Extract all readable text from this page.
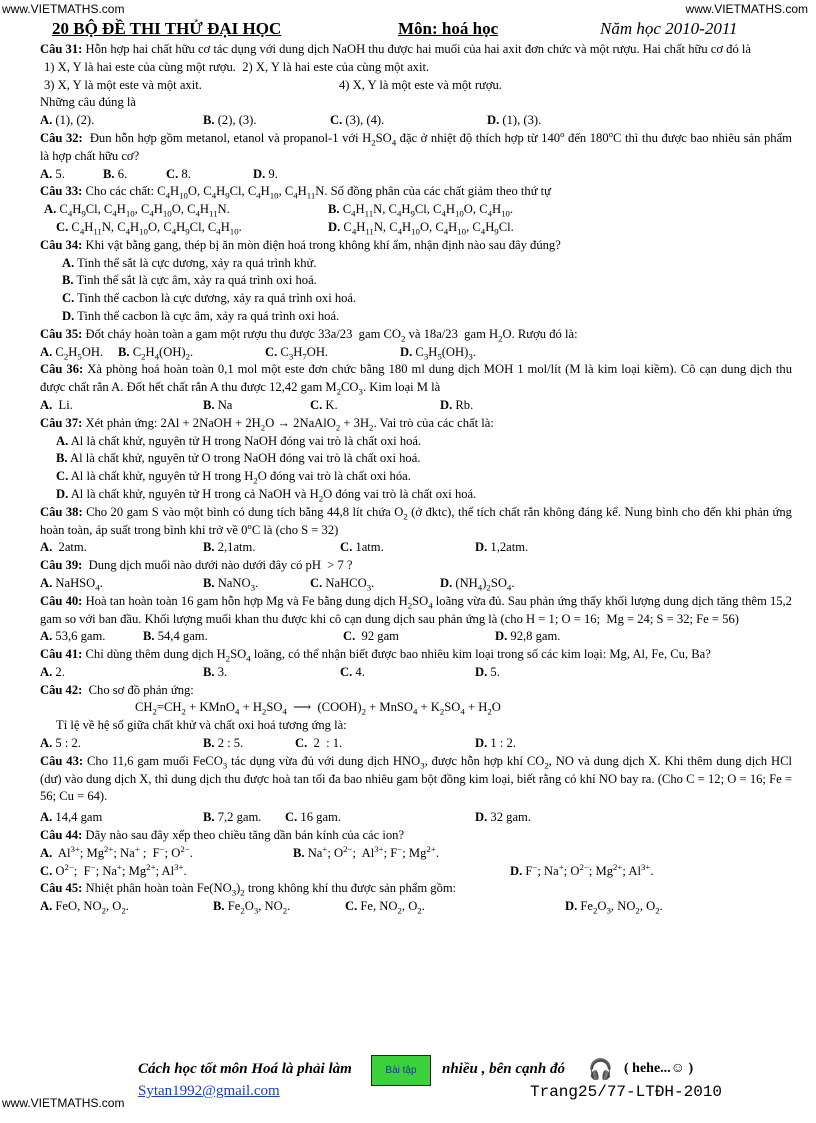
www.VIETMATHS.com	www.VIETMATHS.com
www.VIETMATHS.com
20 BỘ ĐỀ THI THỬ ĐẠI HỌC	Môn: hoá học	Năm học 2010-2011
Câu 31: Hỗn hợp hai chất hữu cơ tác dụng với dung dịch NaOH thu được hai muối của hai axit đơn chức và một rượu. Hai chất hữu cơ đó là
1) X, Y là hai este của cùng một rượu.  2) X, Y là hai este của cùng một axit.
3) X, Y là một este và một axit.	4) X, Y là một este và một rượu.
Những câu đúng là
A. (1), (2).	B. (2), (3).	C. (3), (4).	D. (1), (3).
Câu 32:  Đun hỗn hợp gồm metanol, etanol và propanol-1 với $H_2SO_4$ đặc ở nhiệt độ thích hợp từ 140$^o$ đến 180$^o$C thì thu được bao nhiêu sản phẩm là hợp chất hữu cơ?
A. 5.	B. 6.	C. 8.	D. 9.
Câu 33: Cho các chất: $C_4H_{10}O$, $C_4H_9Cl$, $C_4H_{10}$, $C_4H_{11}N$. Số đồng phân của các chất giảm theo thứ tự
A. $C_4H_9Cl$, $C_4H_{10}$, $C_4H_{10}O$, $C_4H_{11}N$.	B. $C_4H_{11}N$, $C_4H_9Cl$, $C_4H_{10}O$, $C_4H_{10}$.
C. $C_4H_{11}N$, $C_4H_{10}O$, $C_4H_9Cl$, $C_4H_{10}$.	D. $C_4H_{11}N$, $C_4H_{10}O$, $C_4H_{10}$, $C_4H_9Cl$.
Câu 34: Khi vật bằng gang, thép bị ăn mòn điện hoá trong không khí ẩm, nhận định nào sau đây đúng?
A. Tinh thể sắt là cực dương, xảy ra quá trình khử.
B. Tinh thể sắt là cực âm, xảy ra quá trình oxi hoá.
C. Tinh thể cacbon là cực dương, xảy ra quá trình oxi hoá.
D. Tinh thể cacbon là cực âm, xảy ra quá trình oxi hoá.
Câu 35: Đốt cháy hoàn toàn a gam một rượu thu được 33a/23  gam $CO_2$ và 18a/23  gam $H_2O$. Rượu đó là:
A. $C_2H_5OH$. B. $C_2H_4(OH)_2$.	C. $C_3H_7OH$.	D. $C_3H_5(OH)_3$.
Câu 36: Xà phòng hoá hoàn toàn 0,1 mol một este đơn chức bằng 180 ml dung dịch MOH 1 mol/lít (M là kim loại kiềm). Cô cạn dung dịch thu được chất rắn A. Đốt hết chất rắn A thu được 12,42 gam $M_2CO_3$. Kim loại M là
A.  Li.	B. Na	C. K.	D. Rb.
Câu 37: Xét phản ứng: 2Al + 2NaOH + $2H_2O$ → 2NaAlO$_2$ + $3H_2$. Vai trò của các chất là:
A. Al là chất khử, nguyên tử H trong NaOH đóng vai trò là chất oxi hoá.
B. Al là chất khử, nguyên tử O trong NaOH đóng vai trò là chất oxi hoá.
C. Al là chất khử, nguyên tử H trong $H_2O$ đóng vai trò là chất oxi hóa.
D. Al là chất khử, nguyên tử H trong cả NaOH và $H_2O$ đóng vai trò là chất oxi hoá.
Câu 38: Cho 20 gam S vào một bình có dung tích bằng 44,8 lít chứa $O_2$ (ở đktc), thể tích chất rắn không đáng kể. Nung bình cho đến khi phản ứng hoàn toàn, áp suất trong bình khi trở về 0$^o$C là (cho S = 32)
A.  2atm.	B. 2,1atm.	C. 1atm.	D. 1,2atm.
Câu 39:  Dung dịch muối nào dưới nào dưới đây có pH  > 7 ?
A. NaHSO$_4$.	B. NaNO$_3$.	C. NaHCO$_3$.	D. $(NH_4)_2SO_4$.
Câu 40: Hoà tan hoàn toàn 16 gam hỗn hợp Mg và Fe bằng dung dịch $H_2SO_4$ loãng vừa đủ. Sau phản ứng thấy khối lượng dung dịch tăng thêm 15,2 gam so với ban đầu. Khối lượng muối khan thu được khi cô cạn dung dịch sau phản ứng là (cho H = 1; O = 16;  Mg = 24; S = 32; Fe = 56)
A. 53,6 gam.	B. 54,4 gam.	C.  92 gam	D. 92,8 gam.
Câu 41: Chỉ dùng thêm dung dịch $H_2SO_4$ loãng, có thể nhận biết được bao nhiêu kim loại trong số các kim loại: Mg, Al, Fe, Cu, Ba?
A. 2.	B. 3.	C. 4.	D. 5.
Câu 42:  Cho sơ đồ phản ứng:
$CH_2=CH_2$ + KMnO$_4$ + $H_2SO_4$  ⟶  $(COOH)_2$ + MnSO$_4$ + $K_2SO_4 + H_2O$
Tỉ lệ về hệ số giữa chất khử và chất oxi hoá tương ứng là:
A. 5 : 2.	B. 2 : 5.	C.  2  : 1.	D. 1 : 2.
Câu 43: Cho 11,6 gam muối FeCO$_3$ tác dụng vừa đủ với dung dịch $HNO_3$, được hỗn hợp khí $CO_2$, NO và dung dịch X. Khi thêm dung dịch HCl (dư) vào dung dịch X, thì dung dịch thu được hoà tan tối đa bao nhiêu gam bột đồng kim loại, biết rằng có khí NO bay ra. (Cho C = 12; O = 16; Fe = 56; Cu = 64).
A. 14,4 gam	B. 7,2 gam. C. 16 gam.	D. 32 gam.
Câu 44: Dãy nào sau đây xếp theo chiều tăng dần bán kính của các ion?
A.  $Al^{3+}$; $Mg^{2+}$; Na+ ;  F−; $O^{2-}$.	B. Na+; $O^{2-}$;  $Al^{3+}$; F−; $Mg^{2+}$.
C. $O^{2-}$;  F−; Na+; $Mg^{2+}$; $Al^{3+}$.	D. F−; Na+; $O^{2-}$; $Mg^{2+}$; $Al^{3+}$.
Câu 45: Nhiệt phân hoàn toàn $Fe(NO_3)_2$ trong không khí thu được sản phẩm gồm:
A. FeO, $NO_2$, $O_2$.	B. $Fe_2O_3$, $NO_2$.	C. Fe, $NO_2$, $O_2$.	D. $Fe_2O_3$, $NO_2$, $O_2$.
Cách học tốt môn Hoá là phải làm	Bài tập	nhiều , bên cạnh đó 🎧 ( hehe...☺ )
Sytan1992@gmail.com	Trang25/77-LTĐH-2010
